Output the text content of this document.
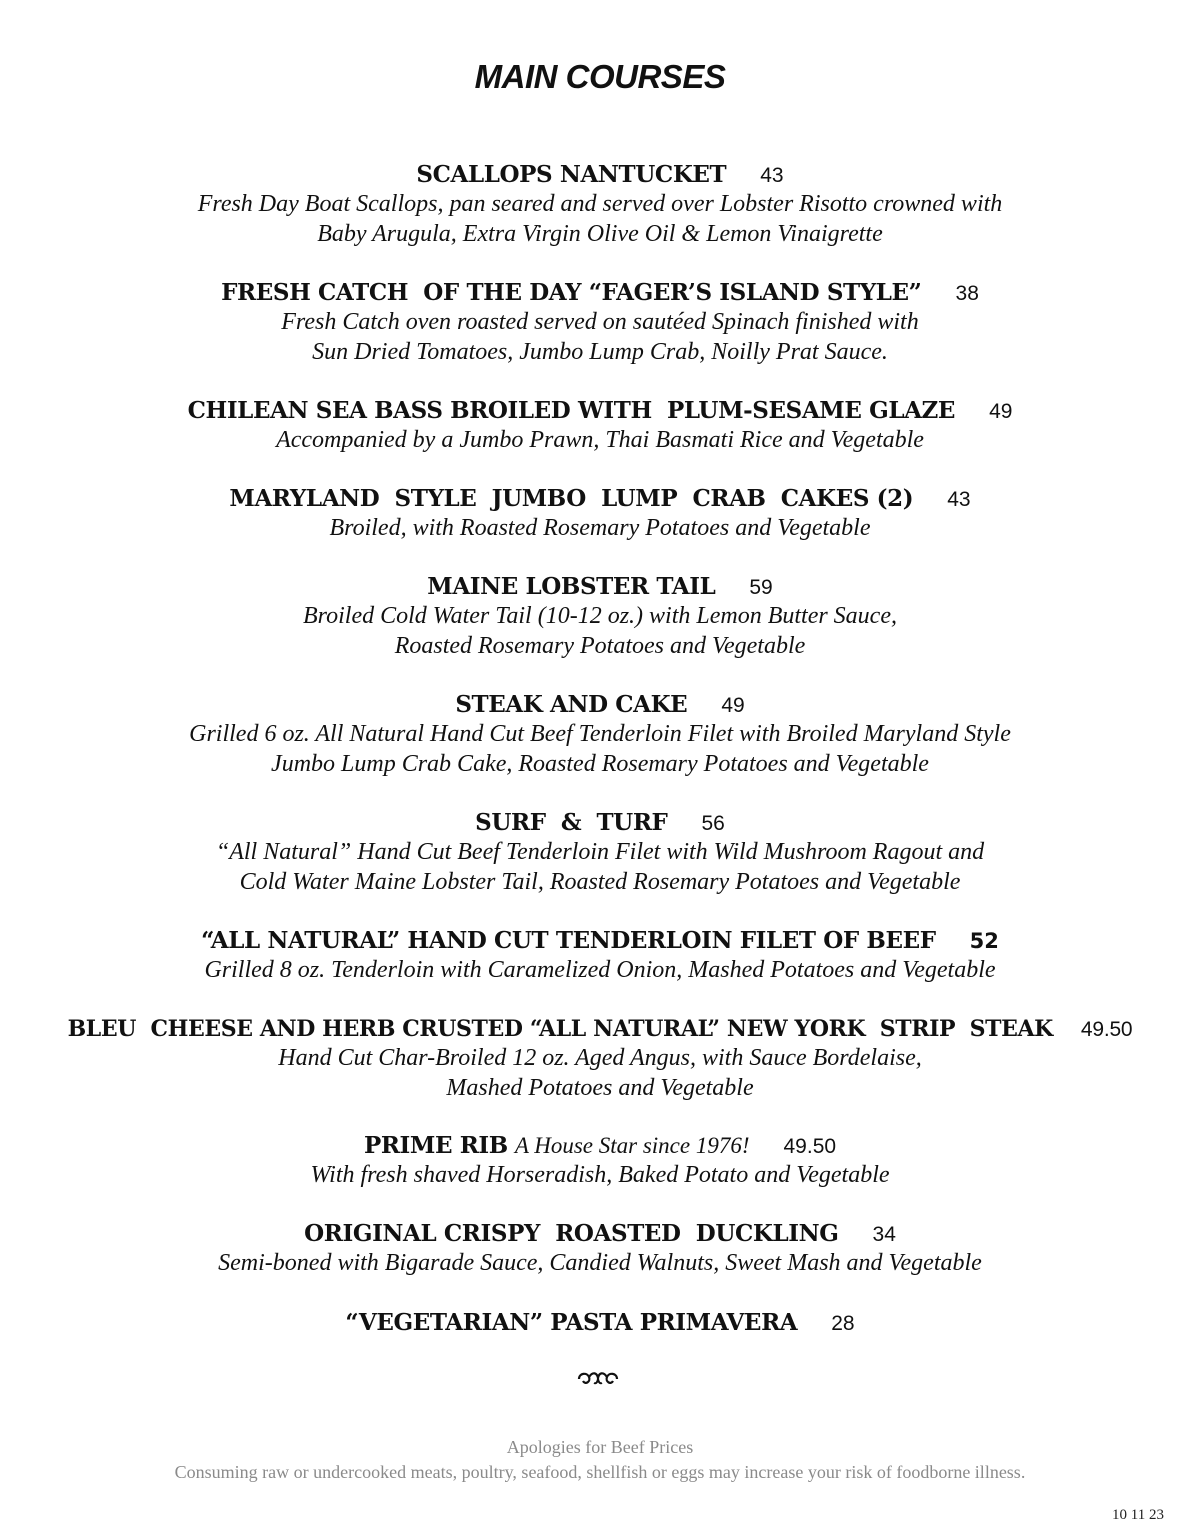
MAIN COURSES
SCALLOPS NANTUCKET 43
Fresh Day Boat Scallops, pan seared and served over Lobster Risotto crowned with
Baby Arugula, Extra Virgin Olive Oil & Lemon Vinaigrette
FRESH CATCH  OF THE DAY “FAGER’S ISLAND STYLE” 38
Fresh Catch oven roasted served on sautéed Spinach finished with
Sun Dried Tomatoes, Jumbo Lump Crab, Noilly Prat Sauce.
CHILEAN SEA BASS BROILED WITH  PLUM-SESAME GLAZE 49
Accompanied by a Jumbo Prawn, Thai Basmati Rice and Vegetable
MARYLAND  STYLE  JUMBO  LUMP  CRAB  CAKES (2) 43
Broiled, with Roasted Rosemary Potatoes and Vegetable
MAINE LOBSTER TAIL 59
Broiled Cold Water Tail (10-12 oz.) with Lemon Butter Sauce,
Roasted Rosemary Potatoes and Vegetable
STEAK AND CAKE 49
Grilled 6 oz. All Natural Hand Cut Beef Tenderloin Filet with Broiled Maryland Style
Jumbo Lump Crab Cake, Roasted Rosemary Potatoes and Vegetable
SURF  &  TURF 56
“All Natural” Hand Cut Beef Tenderloin Filet with Wild Mushroom Ragout and
Cold Water Maine Lobster Tail, Roasted Rosemary Potatoes and Vegetable
“ALL NATURAL” HAND CUT TENDERLOIN FILET OF BEEF 52
Grilled 8 oz. Tenderloin with Caramelized Onion, Mashed Potatoes and Vegetable
BLEU  CHEESE AND HERB CRUSTED “ALL NATURAL” NEW YORK  STRIP  STEAK 49.50
Hand Cut Char-Broiled 12 oz. Aged Angus, with Sauce Bordelaise,
Mashed Potatoes and Vegetable
PRIME RIB A House Star since 1976! 49.50
With fresh shaved Horseradish, Baked Potato and Vegetable
ORIGINAL CRISPY  ROASTED  DUCKLING 34
Semi-boned with Bigarade Sauce, Candied Walnuts, Sweet Mash and Vegetable
“VEGETARIAN” PASTA PRIMAVERA 28
Apologies for Beef Prices
Consuming raw or undercooked meats, poultry, seafood, shellfish or eggs may increase your risk of foodborne illness.
10 11 23
